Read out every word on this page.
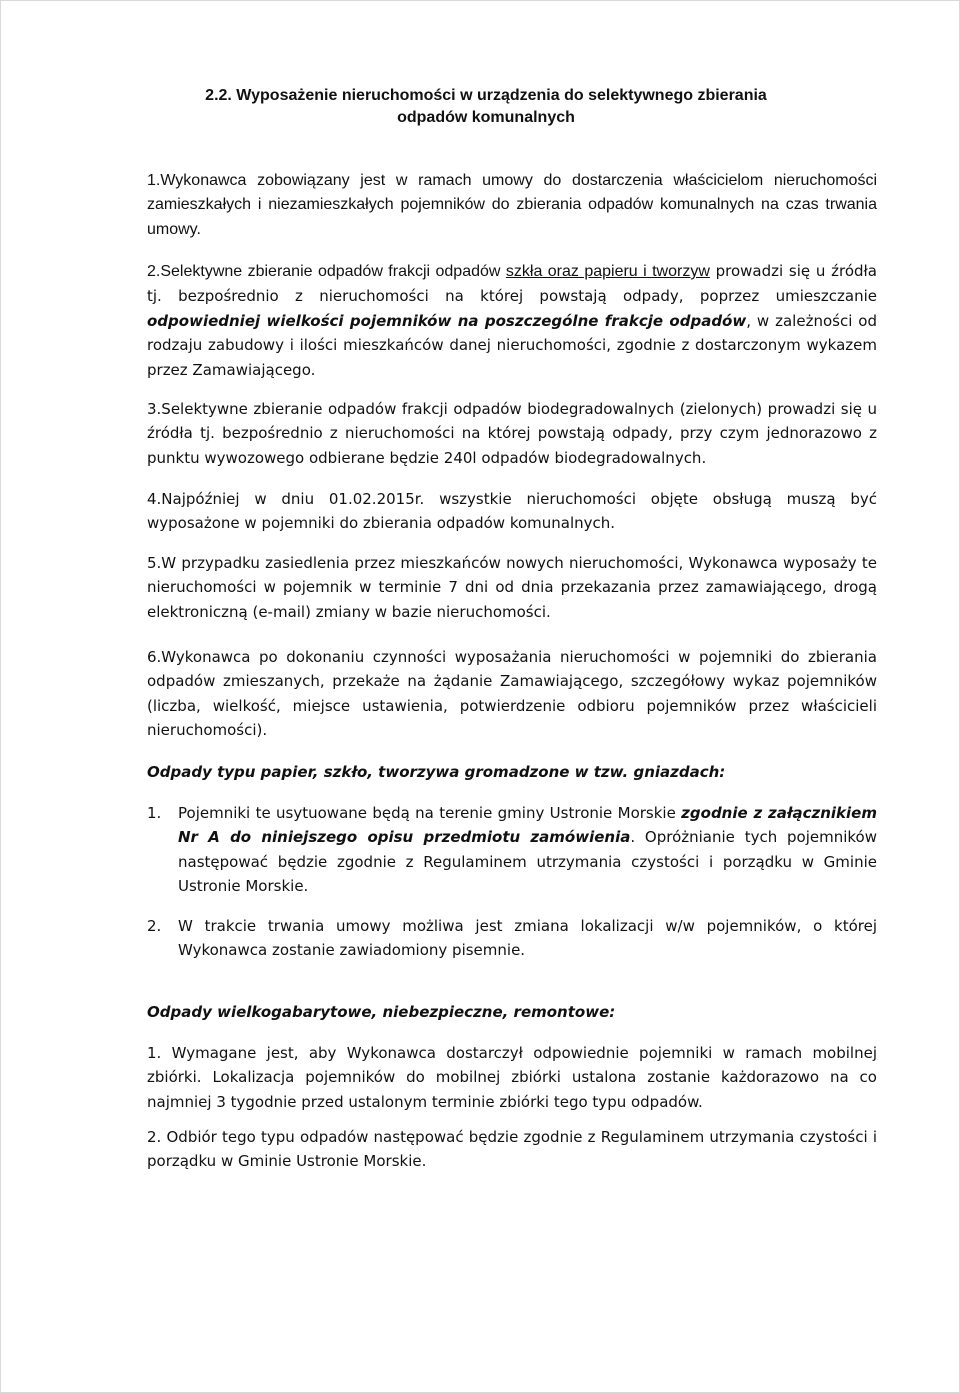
2.2. Wyposażenie nieruchomości w urządzenia do selektywnego zbierania
odpadów komunalnych
1.Wykonawca zobowiązany jest w ramach umowy do dostarczenia właścicielom nieruchomości zamieszkałych i niezamieszkałych pojemników do zbierania odpadów komunalnych na czas trwania umowy.
2.Selektywne zbieranie odpadów frakcji odpadów szkła oraz papieru i tworzyw prowadzi się u źródła tj. bezpośrednio z nieruchomości na której powstają odpady, poprzez umieszczanie odpowiedniej wielkości pojemników na poszczególne frakcje odpadów, w zależności od rodzaju zabudowy i ilości mieszkańców danej nieruchomości, zgodnie z dostarczonym wykazem przez Zamawiającego.
3.Selektywne zbieranie odpadów frakcji odpadów biodegradowalnych (zielonych) prowadzi się u źródła tj. bezpośrednio z nieruchomości na której powstają odpady, przy czym jednorazowo z punktu wywozowego odbierane będzie 240l odpadów biodegradowalnych.
4.Najpóźniej w dniu 01.02.2015r. wszystkie nieruchomości objęte obsługą muszą być wyposażone w pojemniki do zbierania odpadów komunalnych.
5.W przypadku zasiedlenia przez mieszkańców nowych nieruchomości, Wykonawca wyposaży te nieruchomości w pojemnik w terminie 7 dni od dnia przekazania przez zamawiającego, drogą elektroniczną (e-mail) zmiany w bazie nieruchomości.
6.Wykonawca po dokonaniu czynności wyposażania nieruchomości w pojemniki do zbierania odpadów zmieszanych, przekaże na żądanie Zamawiającego, szczegółowy wykaz pojemników (liczba, wielkość, miejsce ustawienia, potwierdzenie odbioru pojemników przez właścicieli nieruchomości).
Odpady typu papier, szkło, tworzywa gromadzone w tzw. gniazdach:
1. Pojemniki te usytuowane będą na terenie gminy Ustronie Morskie zgodnie z załącznikiem Nr A do niniejszego opisu przedmiotu zamówienia. Opróżnianie tych pojemników następować będzie zgodnie z Regulaminem utrzymania czystości i porządku w Gminie Ustronie Morskie.
2. W trakcie trwania umowy możliwa jest zmiana lokalizacji w/w pojemników, o której Wykonawca zostanie zawiadomiony pisemnie.
Odpady wielkogabarytowe, niebezpieczne, remontowe:
1. Wymagane jest, aby Wykonawca dostarczył odpowiednie pojemniki w ramach mobilnej zbiórki. Lokalizacja pojemników do mobilnej zbiórki ustalona zostanie każdorazowo na co najmniej 3 tygodnie przed ustalonym terminie zbiórki tego typu odpadów.
2. Odbiór tego typu odpadów następować będzie zgodnie z Regulaminem utrzymania czystości i porządku w Gminie Ustronie Morskie.
